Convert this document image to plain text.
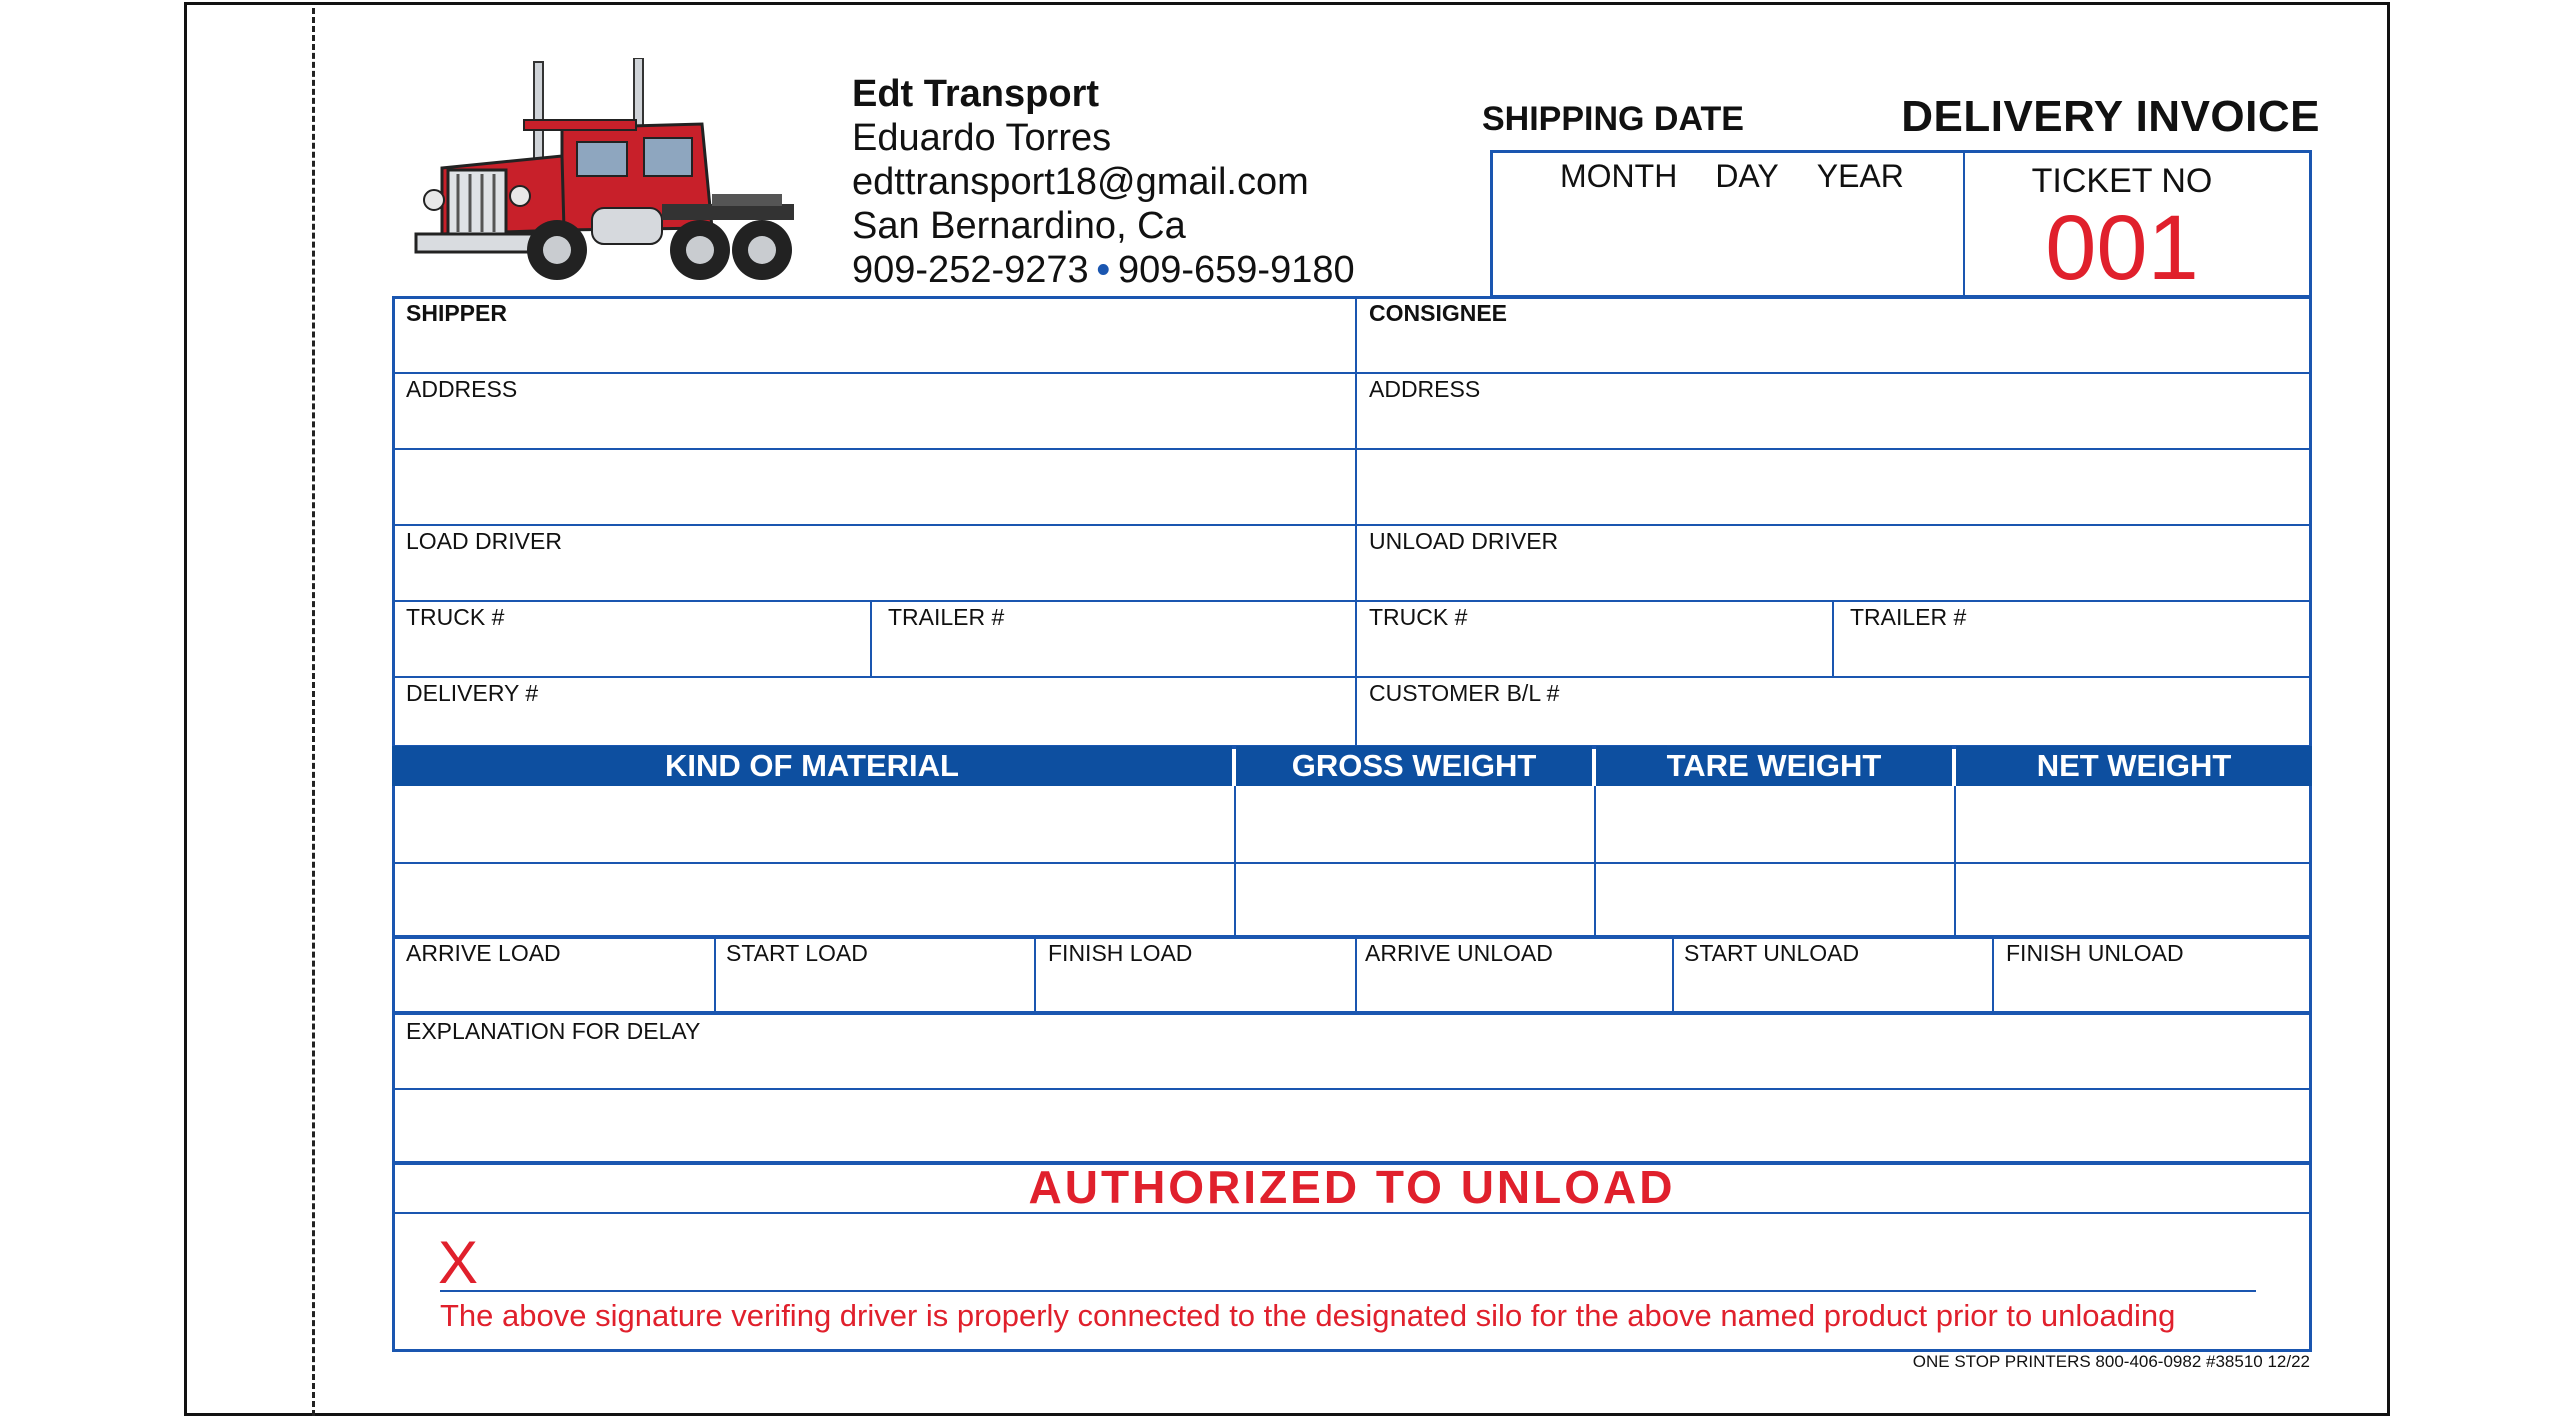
Edt Transport
Eduardo Torres
edttransport18@gmail.com
San Bernardino, Ca
909-252-9273 • 909-659-9180
SHIPPING DATE	DELIVERY INVOICE
MONTH DAY YEAR	TICKET NO
001
SHIPPER	CONSIGNEE
ADDRESS	ADDRESS
LOAD DRIVER	UNLOAD DRIVER
TRUCK #	TRAILER #	TRUCK #	TRAILER #
DELIVERY #	CUSTOMER B/L #
KIND OF MATERIAL	GROSS WEIGHT	TARE WEIGHT	NET WEIGHT
ARRIVE LOAD	START LOAD	FINISH LOAD	ARRIVE UNLOAD	START UNLOAD	FINISH UNLOAD
EXPLANATION FOR DELAY
AUTHORIZED TO UNLOAD
X
The above signature verifing driver is properly connected to the designated silo for the above named product prior to unloading
ONE STOP PRINTERS 800-406-0982 #38510 12/22
